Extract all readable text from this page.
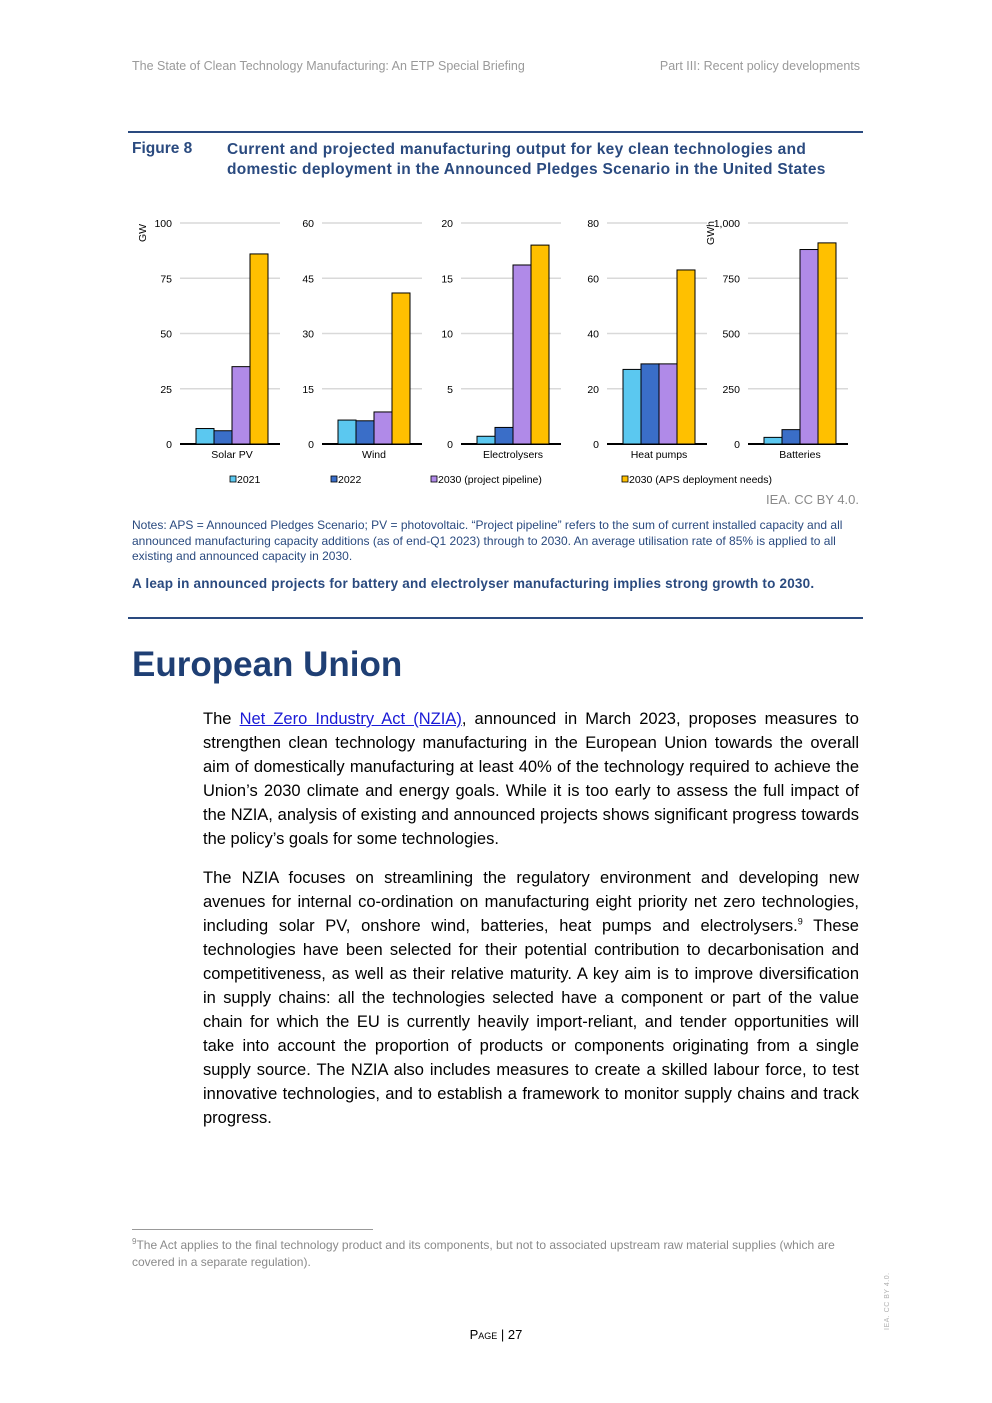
The State of Clean Technology Manufacturing: An ETP Special Briefing	Part III: Recent policy developments
Figure 8 Current and projected manufacturing output for key clean technologies and domestic deployment in the Announced Pledges Scenario in the United States
0
25
50
75
100
GW
Solar PV
0
15
30
45
60
Wind
0
5
10
15
20
Electrolysers
0
20
40
60
80
Heat pumps
0
250
500
750
1,000
GWh
Batteries
2021	2022	2030 (project pipeline)	2030 (APS deployment needs)
IEA. CC BY 4.0.
Notes: APS = Announced Pledges Scenario; PV = photovoltaic. “Project pipeline” refers to the sum of current installed capacity and all announced manufacturing capacity additions (as of end-Q1 2023) through to 2030. An average utilisation rate of 85% is applied to all existing and announced capacity in 2030.
A leap in announced projects for battery and electrolyser manufacturing implies strong growth to 2030.
European Union
The Net Zero Industry Act (NZIA), announced in March 2023, proposes measures to strengthen clean technology manufacturing in the European Union towards the overall aim of domestically manufacturing at least 40% of the technology required to achieve the Union’s 2030 climate and energy goals. While it is too early to assess the full impact of the NZIA, analysis of existing and announced projects shows significant progress towards the policy’s goals for some technologies.
The NZIA focuses on streamlining the regulatory environment and developing new avenues for internal co-ordination on manufacturing eight priority net zero technologies, including solar PV, onshore wind, batteries, heat pumps and electrolysers.$^9$ These technologies have been selected for their potential contribution to decarbonisation and competitiveness, as well as their relative maturity. A key aim is to improve diversification in supply chains: all the technologies selected have a component or part of the value chain for which the EU is currently heavily import-reliant, and tender opportunities will take into account the proportion of products or components originating from a single supply source. The NZIA also includes measures to create a skilled labour force, to test innovative technologies, and to establish a framework to monitor supply chains and track progress.
$^9$The Act applies to the final technology product and its components, but not to associated upstream raw material supplies (which are covered in a separate regulation).
Page | 27
IEA. CC BY 4.0.
